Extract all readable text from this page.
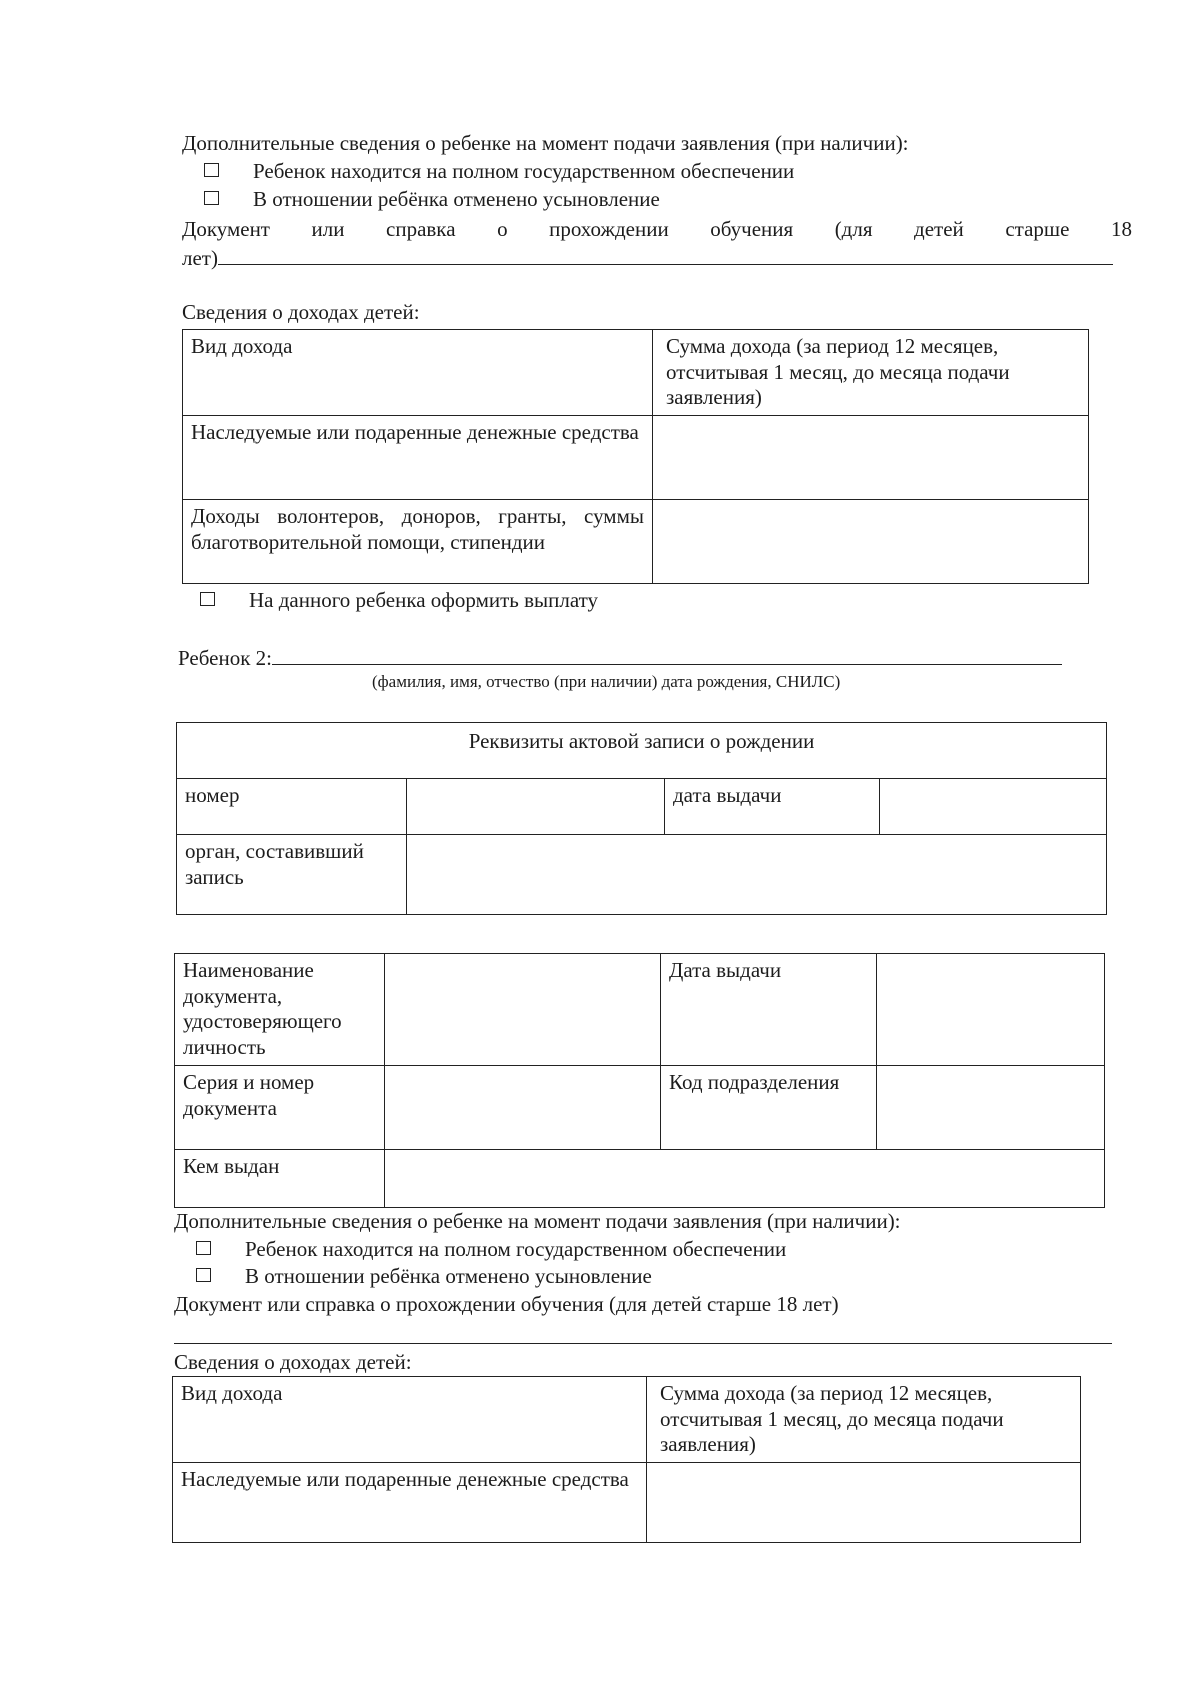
Дополнительные сведения о ребенке на момент подачи заявления (при наличии):
Ребенок находится на полном государственном обеспечении
В отношении ребёнка отменено усыновление
Документ или справка о прохождении обучения (для детей старше 18
лет)
Сведения о доходах детей:
Вид дохода	Сумма дохода (за период 12 месяцев, отсчитывая 1 месяц, до месяца подачи заявления)
Наследуемые или подаренные денежные средства	
Доходы волонтеров, доноров, гранты, суммы благотворительной помощи, стипендии	
На данного ребенка оформить выплату
Ребенок 2:
(фамилия, имя, отчество (при наличии) дата рождения, СНИЛС)
Реквизиты актовой записи о рождении			
номер		дата выдачи	
орган, составивший запись			
Наименование документа, удостоверяющего личность		Дата выдачи	
Серия и номер документа		Код подразделения	
Кем выдан			
Дополнительные сведения о ребенке на момент подачи заявления (при наличии):
Ребенок находится на полном государственном обеспечении
В отношении ребёнка отменено усыновление
Документ или справка о прохождении обучения (для детей старше 18 лет)
Сведения о доходах детей:
Вид дохода	Сумма дохода (за период 12 месяцев, отсчитывая 1 месяц, до месяца подачи заявления)
Наследуемые или подаренные денежные средства	
